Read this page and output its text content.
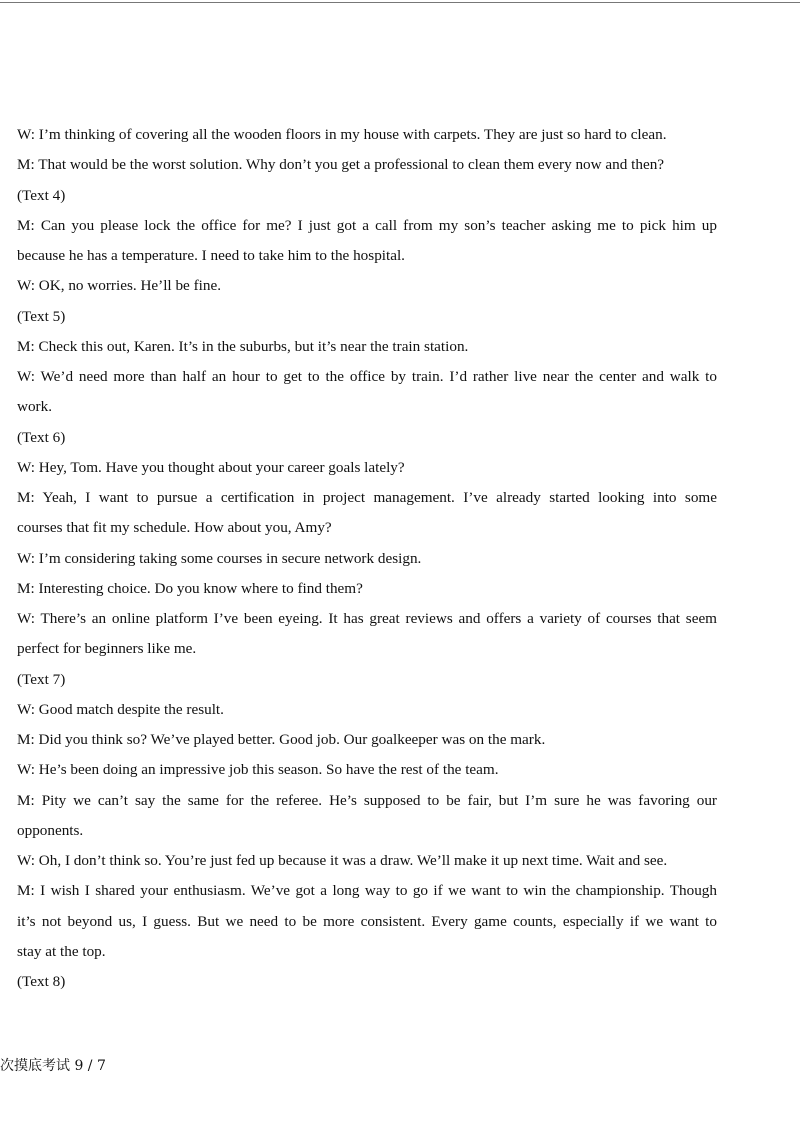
W: I’m thinking of covering all the wooden floors in my house with carpets. They are just so hard to clean.
M: That would be the worst solution. Why don’t you get a professional to clean them every now and then?
(Text 4)
M: Can you please lock the office for me? I just got a call from my son’s teacher asking me to pick him up
because he has a temperature. I need to take him to the hospital.
W: OK, no worries. He’ll be fine.
(Text 5)
M: Check this out, Karen. It’s in the suburbs, but it’s near the train station.
W: We’d need more than half an hour to get to the office by train. I’d rather live near the center and walk to
work.
(Text 6)
W: Hey, Tom. Have you thought about your career goals lately?
M: Yeah, I want to pursue a certification in project management. I’ve already started looking into some
courses that fit my schedule. How about you, Amy?
W: I’m considering taking some courses in secure network design.
M: Interesting choice. Do you know where to find them?
W: There’s an online platform I’ve been eyeing. It has great reviews and offers a variety of courses that seem
perfect for beginners like me.
(Text 7)
W: Good match despite the result.
M: Did you think so? We’ve played better. Good job. Our goalkeeper was on the mark.
W: He’s been doing an impressive job this season. So have the rest of the team.
M: Pity we can’t say the same for the referee. He’s supposed to be fair, but I’m sure he was favoring our
opponents.
W: Oh, I don’t think so. You’re just fed up because it was a draw. We’ll make it up next time. Wait and see.
M: I wish I shared your enthusiasm. We’ve got a long way to go if we want to win the championship. Though
it’s not beyond us, I guess. But we need to be more consistent. Every game counts, especially if we want to
stay at the top.
(Text 8)
次摸底考试 9 / 7
